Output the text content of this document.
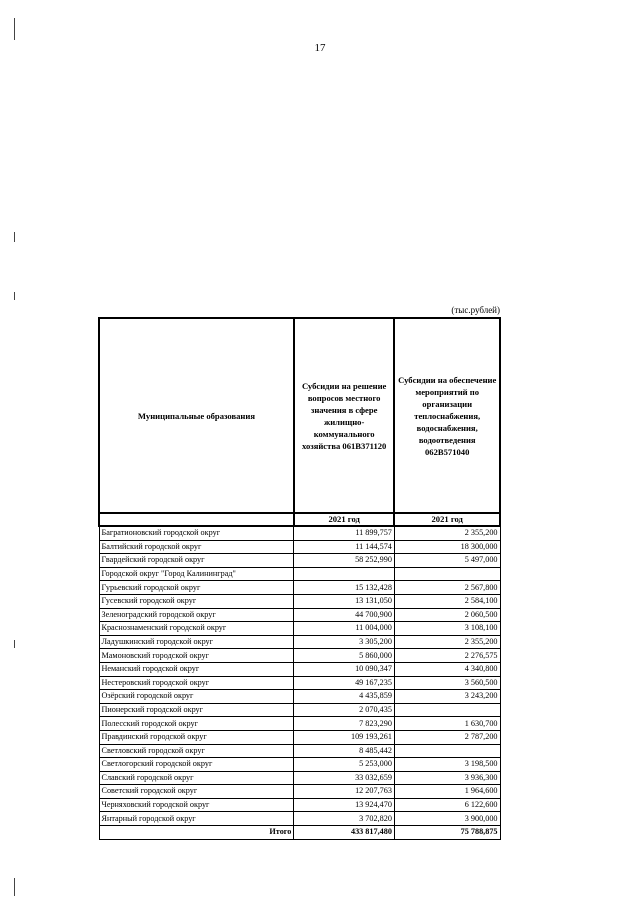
17
(тыс.рублей)
Муниципальные образования	Субсидии на решение вопросов местного значения в сфере жилищно-коммунального хозяйства 061В371120	Субсидии на обеспечение мероприятий по организации теплоснабжения, водоснабжения, водоотведения 062В571040
	2021 год	2021 год
Багратионовский городской округ	11 899,757	2 355,200
Балтийский городской округ	11 144,574	18 300,000
Гвардейский городской округ	58 252,990	5 497,000
Городской округ "Город Калининград"		
Гурьевский городской округ	15 132,428	2 567,800
Гусевский городской округ	13 131,050	2 584,100
Зеленоградский городской округ	44 700,900	2 060,500
Краснознаменский городской округ	11 004,000	3 108,100
Ладушкинский городской округ	3 305,200	2 355,200
Мамоновский городской округ	5 860,000	2 276,575
Неманский городской округ	10 090,347	4 340,800
Нестеровский городской округ	49 167,235	3 560,500
Озёрский городской округ	4 435,859	3 243,200
Пионерский городской округ	2 070,435	
Полесский городской округ	7 823,290	1 630,700
Правдинский городской округ	109 193,261	2 787,200
Светловский городской округ	8 485,442	
Светлогорский городской округ	5 253,000	3 198,500
Славский городской округ	33 032,659	3 936,300
Советский городской округ	12 207,763	1 964,600
Черняховский городской округ	13 924,470	6 122,600
Янтарный городской округ	3 702,820	3 900,000
Итого	433 817,480	75 788,875
